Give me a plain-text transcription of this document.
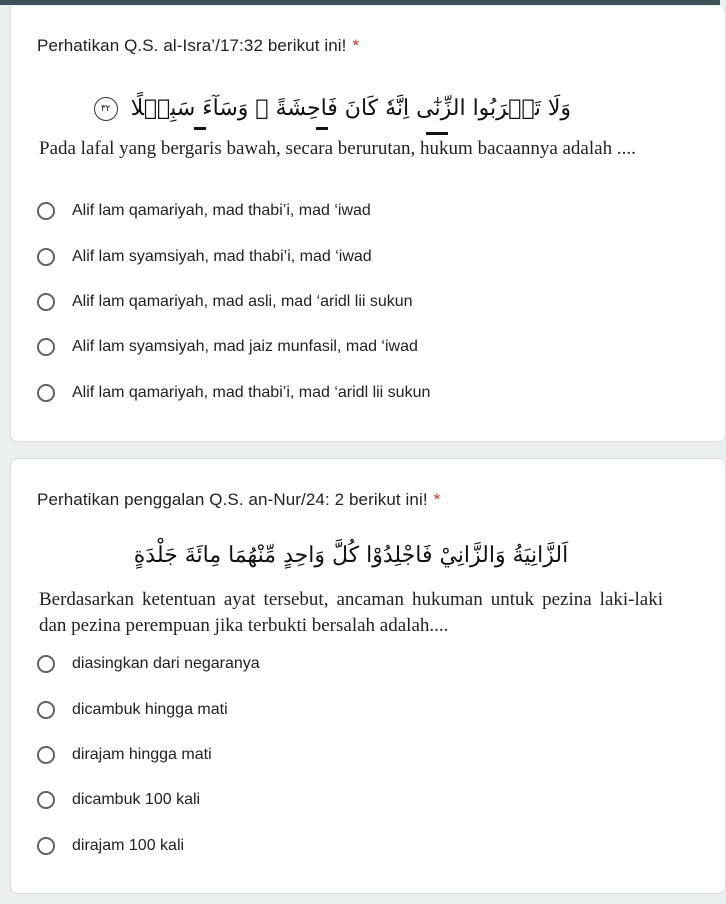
Perhatikan Q.S. al-Isra’/17:32 berikut ini! *
وَلَا تَقۡرَبُوا الزِّنٰٓى اِنَّهٗ كَانَ فَاحِشَةً ۗ وَسَآءَ سَبِيۡلًا ٣٢
Pada lafal yang bergaris bawah, secara berurutan, hukum bacaannya adalah ....
Alif lam qamariyah, mad thabi’i, mad ‘iwad
Alif lam syamsiyah, mad thabi’i, mad ‘iwad
Alif lam qamariyah, mad asli, mad ‘aridl lii sukun
Alif lam syamsiyah, mad jaiz munfasil, mad ‘iwad
Alif lam qamariyah, mad thabi’i, mad ‘aridl lii sukun
Perhatikan penggalan Q.S. an-Nur/24: 2 berikut ini! *
اَلزَّانِيَةُ وَالزَّانِيْ فَاجْلِدُوْا كُلَّ وَاحِدٍ مِّنْهُمَا مِائَةَ جَلْدَةٍ
Berdasarkan ketentuan ayat tersebut, ancaman hukuman untuk pezina laki-laki dan pezina perempuan jika terbukti bersalah adalah....
diasingkan dari negaranya
dicambuk hingga mati
dirajam hingga mati
dicambuk 100 kali
dirajam 100 kali
